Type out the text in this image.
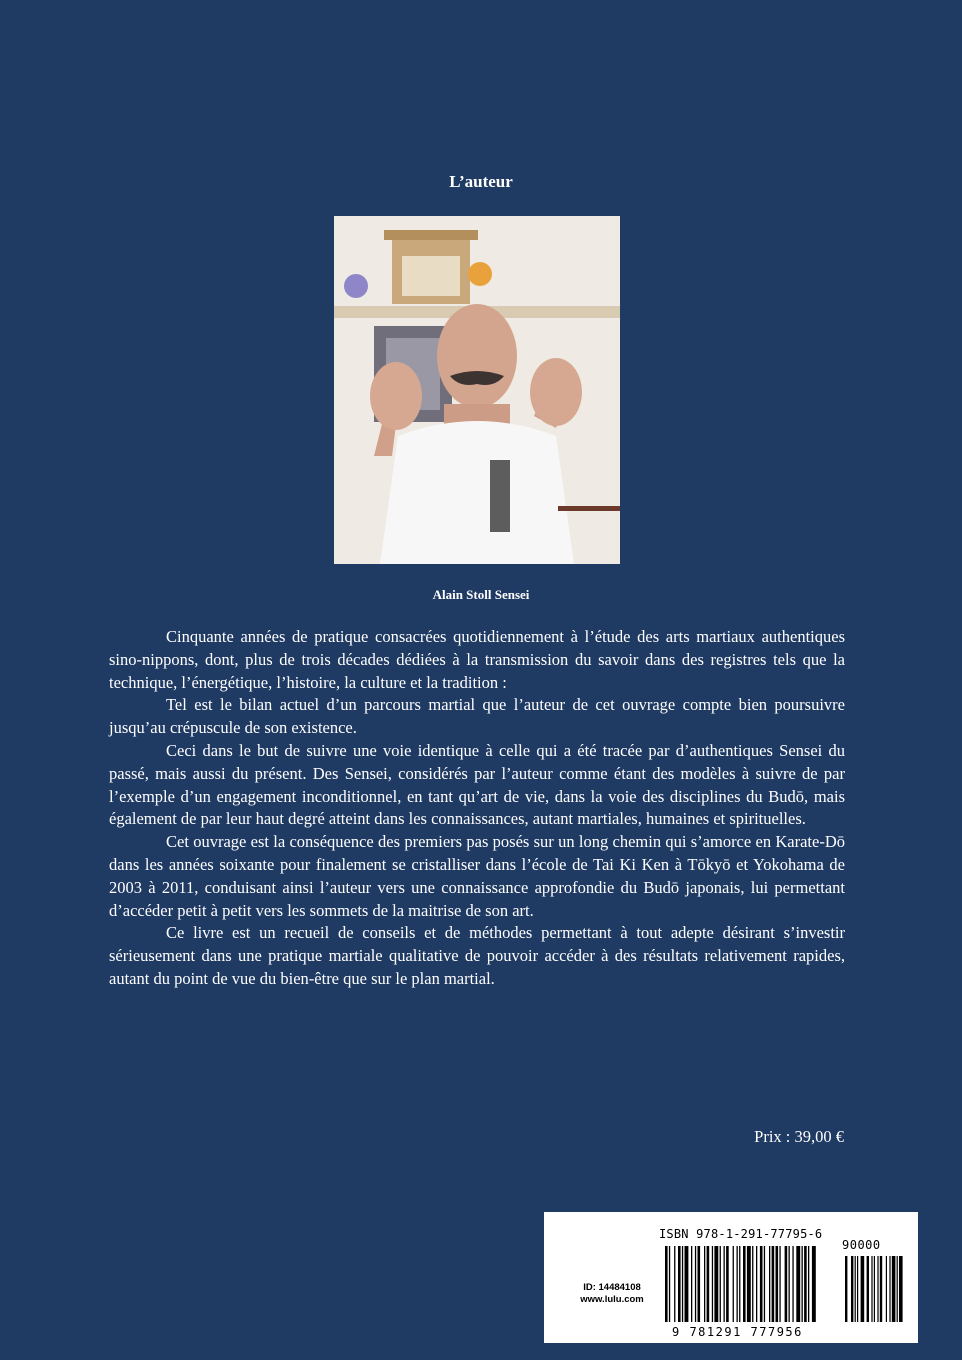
L’auteur
Alain Stoll Sensei

Cinquante années de pratique consacrées quotidiennement à l’étude des arts martiaux authentiques sino-nippons, dont, plus de trois décades dédiées à la transmission du savoir dans des registres tels que la technique, l’énergétique, l’histoire, la culture et la tradition :

Tel est le bilan actuel d’un parcours martial que l’auteur de cet ouvrage compte bien poursuivre jusqu’au crépuscule de son existence.

Ceci dans le but de suivre une voie identique à celle qui a été tracée par d’authentiques Sensei du passé, mais aussi du présent. Des Sensei, considérés par l’auteur comme étant des modèles à suivre de par l’exemple d’un engagement inconditionnel, en tant qu’art de vie, dans la voie des disciplines du Budō, mais également de par leur haut degré atteint dans les connaissances, autant martiales, humaines et spirituelles.

Cet ouvrage est la conséquence des premiers pas posés sur un long chemin qui s’amorce en Karate-Dō dans les années soixante pour finalement se cristalliser dans l’école de Tai Ki Ken à Tōkyō et Yokohama de 2003 à 2011, conduisant ainsi l’auteur vers une connaissance approfondie du Budō japonais, lui permettant d’accéder petit à petit vers les sommets de la maitrise de son art.

Ce livre est un recueil de conseils et de méthodes permettant à tout adepte désirant s’investir sérieusement dans une pratique martiale qualitative de pouvoir accéder à des résultats relativement rapides, autant du point de vue du bien-être que sur le plan martial.

Prix : 39,00 €
ISBN 978-1-291-77795-6
90000
ID: 14484108
www.lulu.com
9 781291 777956
